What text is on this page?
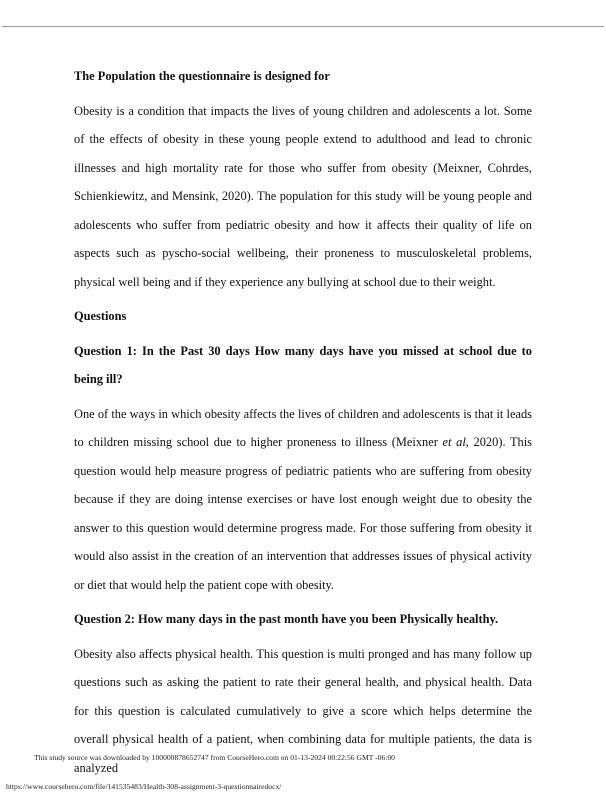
The Population the questionnaire is designed for

Obesity is a condition that impacts the lives of young children and adolescents a lot. Some of the effects of obesity in these young people extend to adulthood and lead to chronic illnesses and high mortality rate for those who suffer from obesity (Meixner, Cohrdes, Schienkiewitz, and Mensink, 2020). The population for this study will be young people and adolescents who suffer from pediatric obesity and how it affects their quality of life on aspects such as pyscho-social wellbeing, their proneness to musculoskeletal problems, physical well being and if they experience any bullying at school due to their weight.

Questions

Question 1: In the Past 30 days How many days have you missed at school due to being ill?

One of the ways in which obesity affects the lives of children and adolescents is that it leads to children missing school due to higher proneness to illness (Meixner et al, 2020). This question would help measure progress of pediatric patients who are suffering from obesity because if they are doing intense exercises or have lost enough weight due to obesity the answer to this question would determine progress made. For those suffering from obesity it would also assist in the creation of an intervention that addresses issues of physical activity or diet that would help the patient cope with obesity.

Question 2: How many days in the past month have you been Physically healthy.

Obesity also affects physical health. This question is multi pronged and has many follow up questions such as asking the patient to rate their general health, and physical health. Data for this question is calculated cumulatively to give a score which helps determine the overall physical health of a patient, when combining data for multiple patients, the data is analyzed

This study source was downloaded by 100000878652747 from CourseHero.com on 01-13-2024 00:22:56 GMT -06:00
https://www.coursehero.com/file/141535483/Health-308-assignment-3-questionnairedocx/
